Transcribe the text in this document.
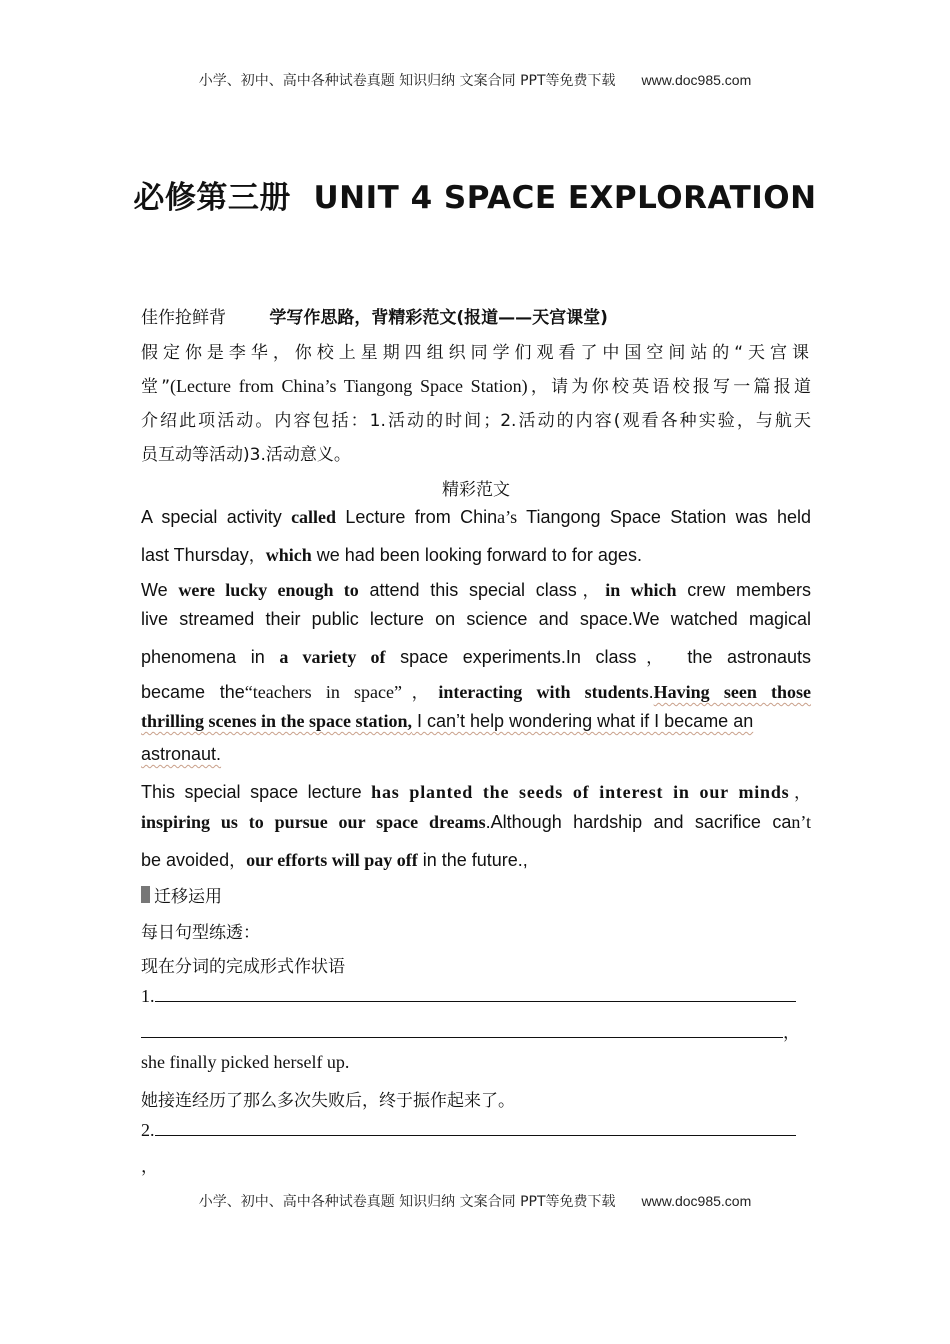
小学、初中、高中各种试卷真题 知识归纳 文案合同 PPT等免费下载 www.doc985.com
必修第三册 UNIT 4 SPACE EXPLORATION
佳作抢鲜背	学写作思路，背精彩范文(报道——天宫课堂)
假定你是李华，你校上星期四组织同学们观看了中国空间站的“天宫课
堂”(Lecture from China’s Tiangong Space Station)，请为你校英语校报写一篇报道
介绍此项活动。内容包括：1.活动的时间；2.活动的内容(观看各种实验，与航天
员互动等活动)3.活动意义。
精彩范文
A special activity called Lecture from China’s Tiangong Space Station was held
last Thursday，which we had been looking forward to for ages.
We were lucky enough to attend this special class，in which crew members
live streamed their public lecture on science and space.We watched magical
phenomena in a variety of space experiments.In class， the astronauts
became the“teachers in space”，interacting with students.Having seen those
thrilling scenes in the space station, I can’t help wondering what if I became an
astronaut.
This special space lecture has planted the seeds of interest in our minds，
inspiring us to pursue our space dreams.Although hardship and sacrifice can’t
be avoided，our efforts will pay off in the future.,
迁移运用
每日句型练透：
现在分词的完成形式作状语
1.
，
she finally picked herself up.
她接连经历了那么多次失败后，终于振作起来了。
2.
，
小学、初中、高中各种试卷真题 知识归纳 文案合同 PPT等免费下载 www.doc985.com
